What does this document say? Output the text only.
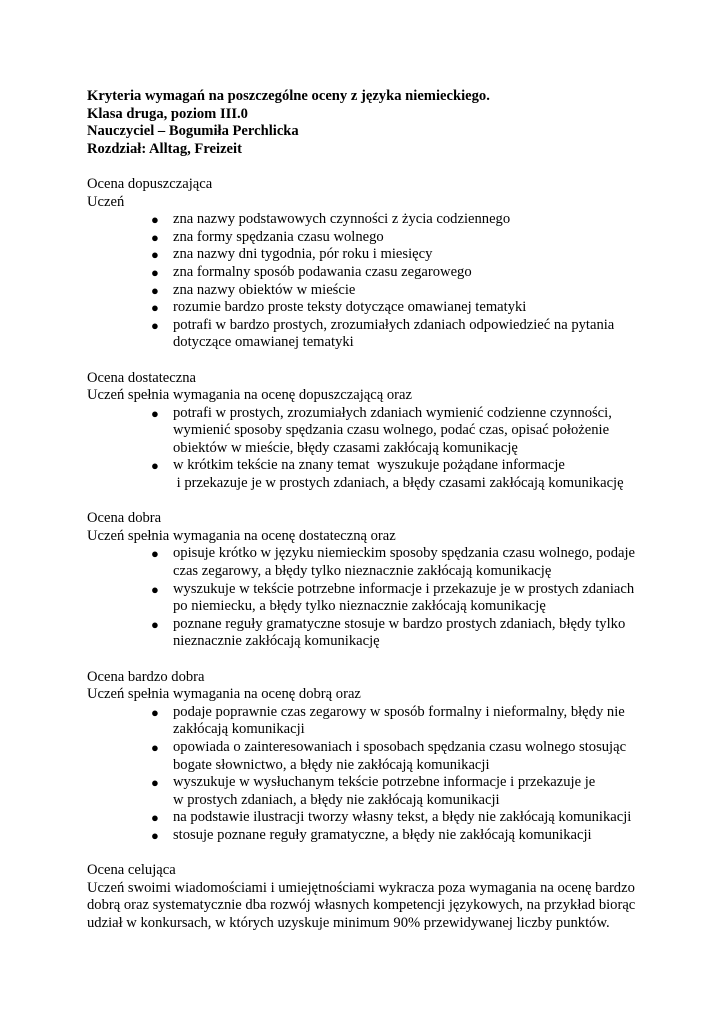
Kryteria wymagań na poszczególne oceny z języka niemieckiego.

Klasa druga, poziom III.0

Nauczyciel – Bogumiła Perchlicka

Rozdział: Alltag, Freizeit

Ocena dopuszczająca

Uczeń

● zna nazwy podstawowych czynności z życia codziennego
● zna formy spędzania czasu wolnego
● zna nazwy dni tygodnia, pór roku i miesięcy
● zna formalny sposób podawania czasu zegarowego
● zna nazwy obiektów w mieście
● rozumie bardzo proste teksty dotyczące omawianej tematyki
● potrafi w bardzo prostych, zrozumiałych zdaniach odpowiedzieć na pytania
dotyczące omawianej tematyki

Ocena dostateczna

Uczeń spełnia wymagania na ocenę dopuszczającą oraz

● potrafi w prostych, zrozumiałych zdaniach wymienić codzienne czynności,
wymienić sposoby spędzania czasu wolnego, podać czas, opisać położenie
obiektów w mieście, błędy czasami zakłócają komunikację
● w krótkim tekście na znany temat  wyszukuje pożądane informacje
i przekazuje je w prostych zdaniach, a błędy czasami zakłócają komunikację

Ocena dobra

Uczeń spełnia wymagania na ocenę dostateczną oraz

● opisuje krótko w języku niemieckim sposoby spędzania czasu wolnego, podaje
czas zegarowy, a błędy tylko nieznacznie zakłócają komunikację
● wyszukuje w tekście potrzebne informacje i przekazuje je w prostych zdaniach
po niemiecku, a błędy tylko nieznacznie zakłócają komunikację
● poznane reguły gramatyczne stosuje w bardzo prostych zdaniach, błędy tylko
nieznacznie zakłócają komunikację

Ocena bardzo dobra

Uczeń spełnia wymagania na ocenę dobrą oraz

● podaje poprawnie czas zegarowy w sposób formalny i nieformalny, błędy nie
zakłócają komunikacji
● opowiada o zainteresowaniach i sposobach spędzania czasu wolnego stosując
bogate słownictwo, a błędy nie zakłócają komunikacji
● wyszukuje w wysłuchanym tekście potrzebne informacje i przekazuje je
w prostych zdaniach, a błędy nie zakłócają komunikacji
● na podstawie ilustracji tworzy własny tekst, a błędy nie zakłócają komunikacji
● stosuje poznane reguły gramatyczne, a błędy nie zakłócają komunikacji

Ocena celująca

Uczeń swoimi wiadomościami i umiejętnościami wykracza poza wymagania na ocenę bardzo

dobrą oraz systematycznie dba rozwój własnych kompetencji językowych, na przykład biorąc

udział w konkursach, w których uzyskuje minimum 90% przewidywanej liczby punktów.
